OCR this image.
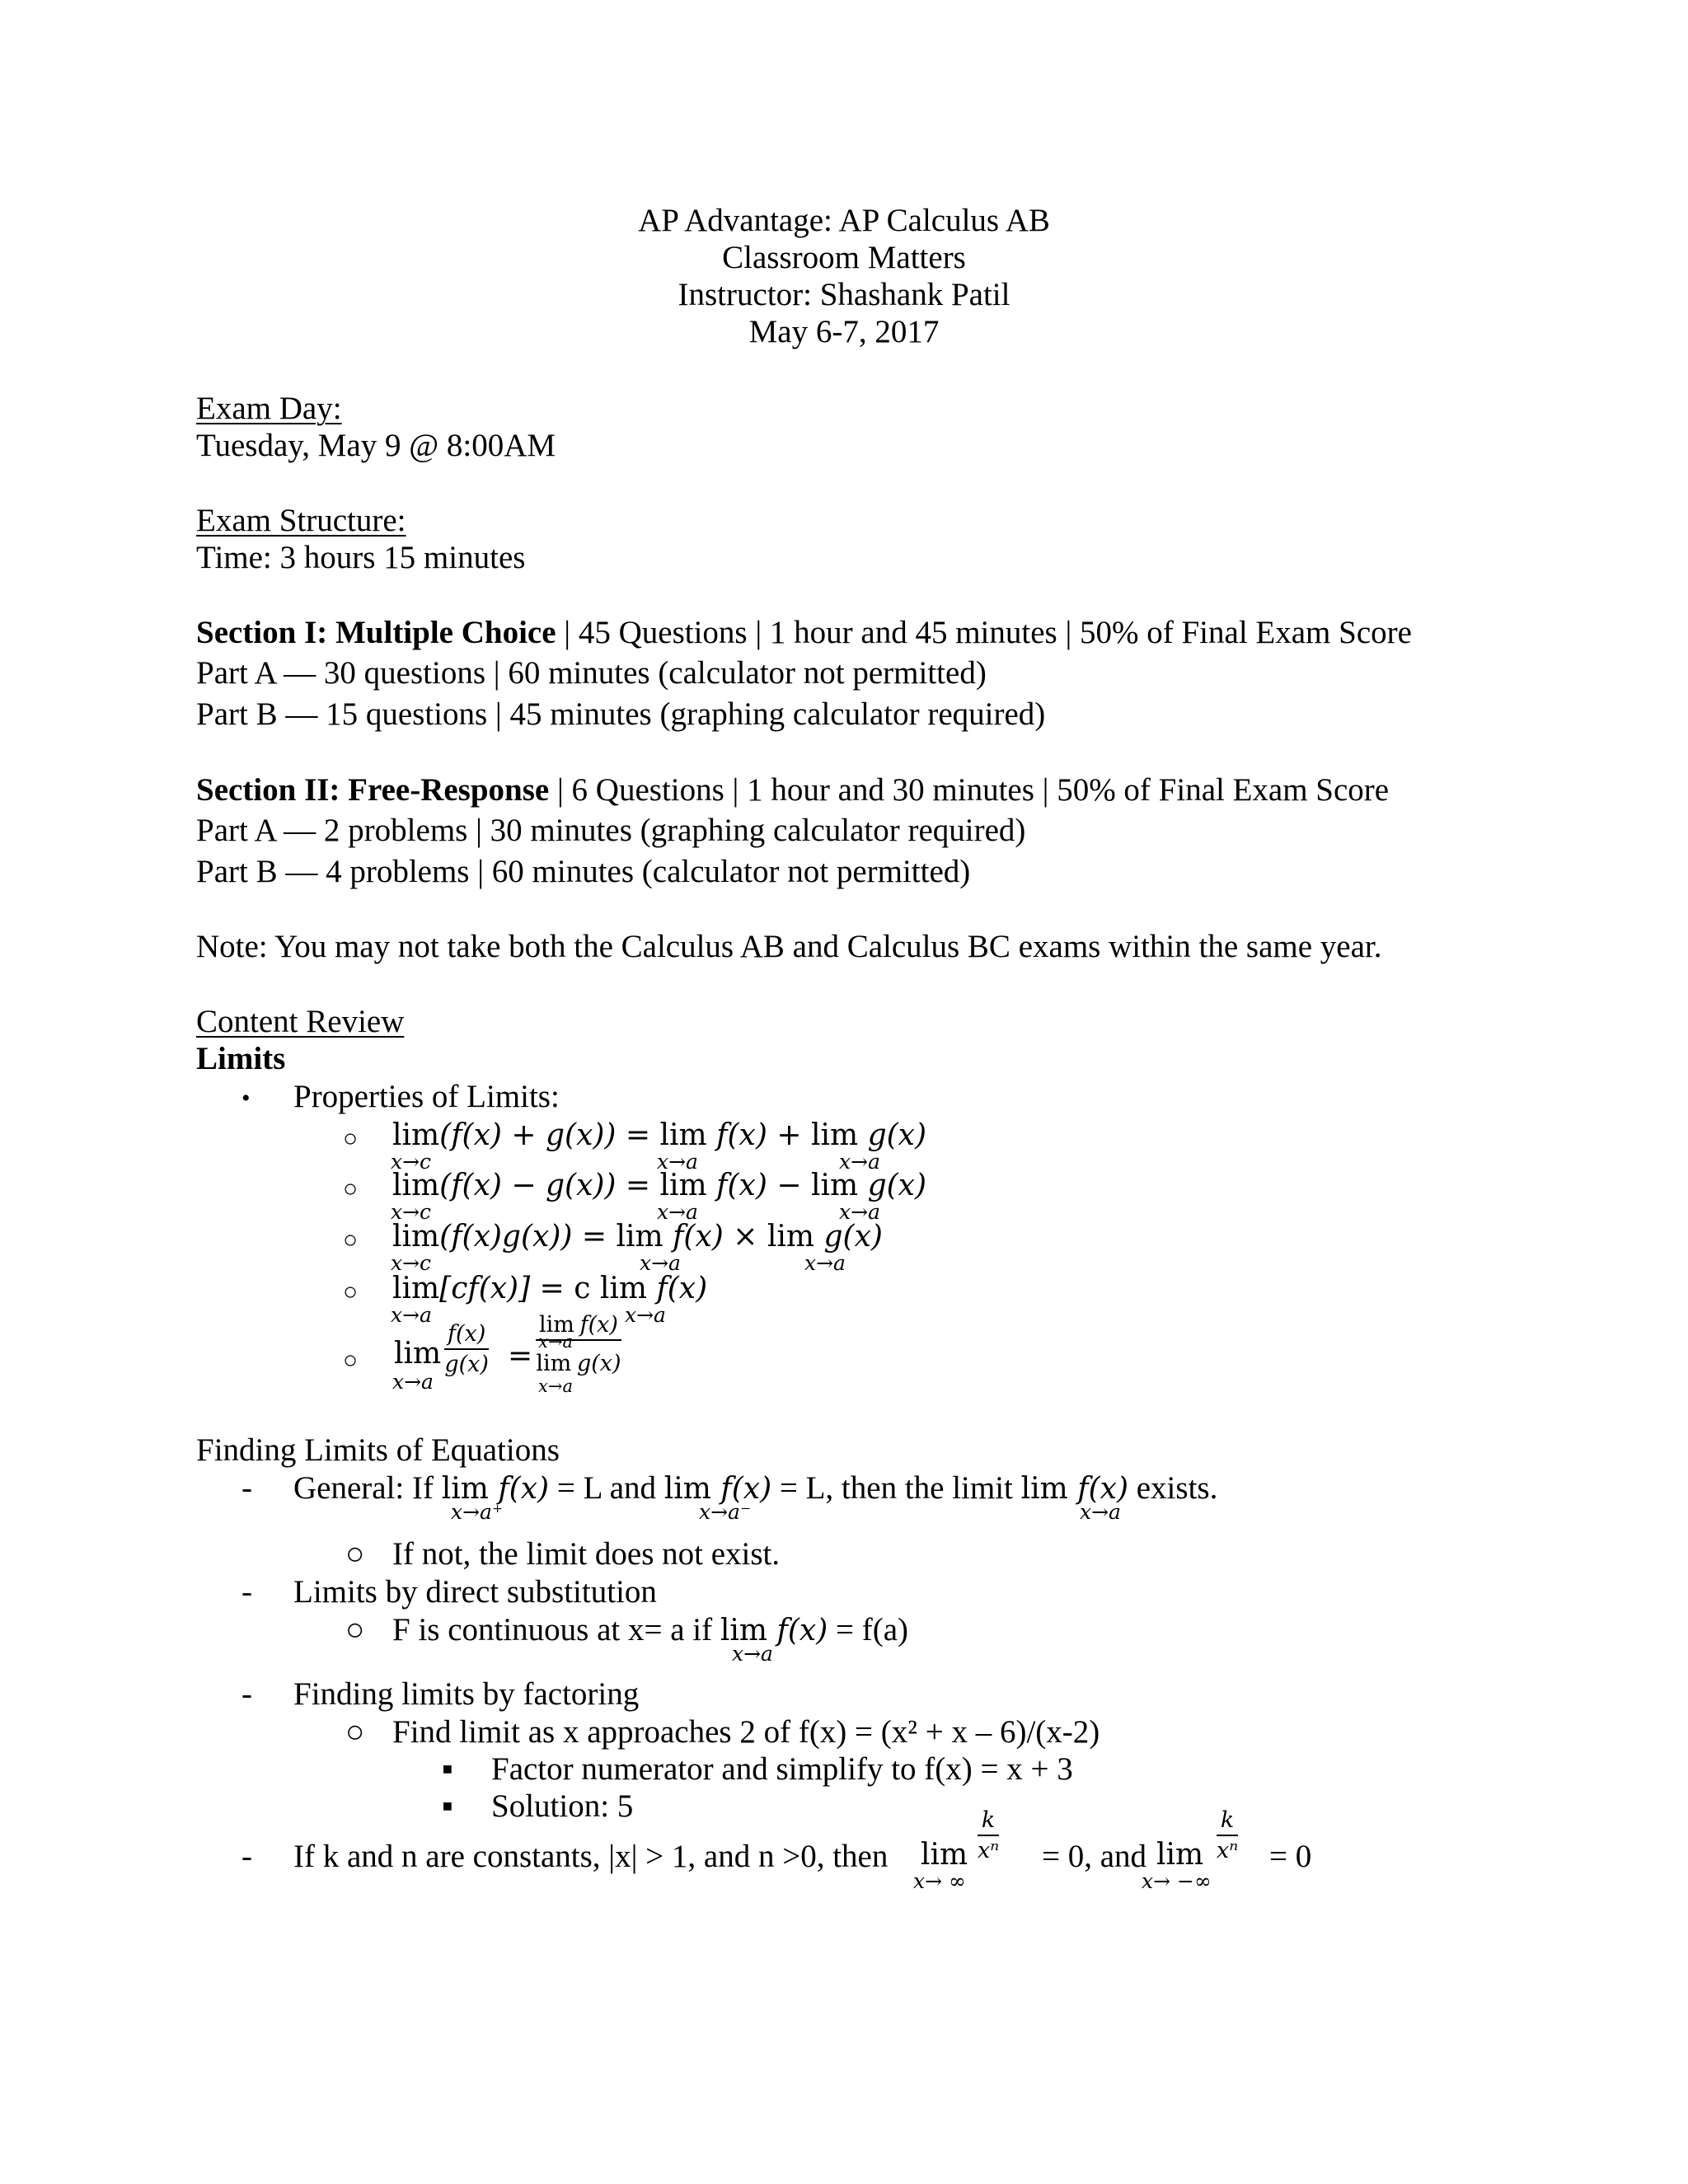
AP Advantage: AP Calculus AB
Classroom Matters
Instructor: Shashank Patil
May 6-7, 2017
Exam Day:
Tuesday, May 9 @ 8:00AM
Exam Structure:
Time: 3 hours 15 minutes
Section I: Multiple Choice | 45 Questions | 1 hour and 45 minutes | 50% of Final Exam Score
Part A — 30 questions | 60 minutes (calculator not permitted)
Part B — 15 questions | 45 minutes (graphing calculator required)
Section II: Free-Response | 6 Questions | 1 hour and 30 minutes | 50% of Final Exam Score
Part A — 2 problems | 30 minutes (graphing calculator required)
Part B — 4 problems | 60 minutes (calculator not permitted)
Note: You may not take both the Calculus AB and Calculus BC exams within the same year.
Content Review
Limits
• Properties of Limits:
○ lim(f(x) + g(x)) = lim f(x) + lim g(x)
x→c	x→a	x→a
○ lim(f(x) − g(x)) = lim f(x) − lim g(x)
x→c	x→a	x→a
○ lim(f(x)g(x)) = lim f(x) × lim g(x)
x→c	x→a	x→a
○ lim[cf(x)] = c lim f(x)
x→a	x→a
○ lim
x→a
$\frac{f(x)}{g(x)} = \frac{\text{lim f(x)}}{\text{lim g(x)}}$
x→a
x→a
Finding Limits of Equations
- General: If lim f(x) = L and lim f(x) = L, then the limit lim f(x) exists.
x→a⁺	x→a⁻	x→a
○ If not, the limit does not exist.
- Limits by direct substitution
○ F is continuous at x= a if lim f(x) = f(a)
x→a
- Finding limits by factoring
○ Find limit as x approaches 2 of f(x) = (x² + x – 6)/(x-2)
▪ Factor numerator and simplify to f(x) = x + 3
▪ Solution: 5
- If k and n are constants, |x| > 1, and n >0, then lim
x→ ∞
$\frac{k}{\text{xⁿ}} = 0$, and lim
x→ −∞
$\frac{k}{\text{xⁿ}} = 0$
